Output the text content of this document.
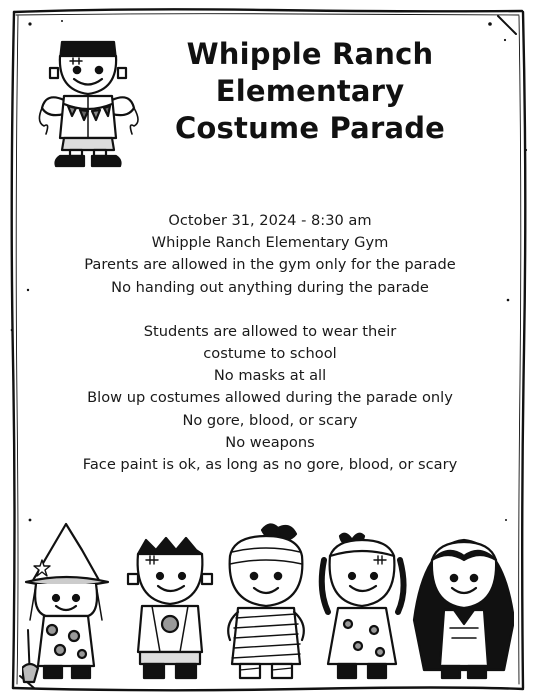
Whipple Ranch
Elementary
Costume Parade
October 31, 2024 - 8:30 am
Whipple Ranch Elementary Gym
Parents are allowed in the gym only for the parade
No handing out anything during the parade
Students are allowed to wear their
costume to school
No masks at all
Blow up costumes allowed during the parade only
No gore, blood, or scary
No weapons
Face paint is ok, as long as no gore, blood, or scary
